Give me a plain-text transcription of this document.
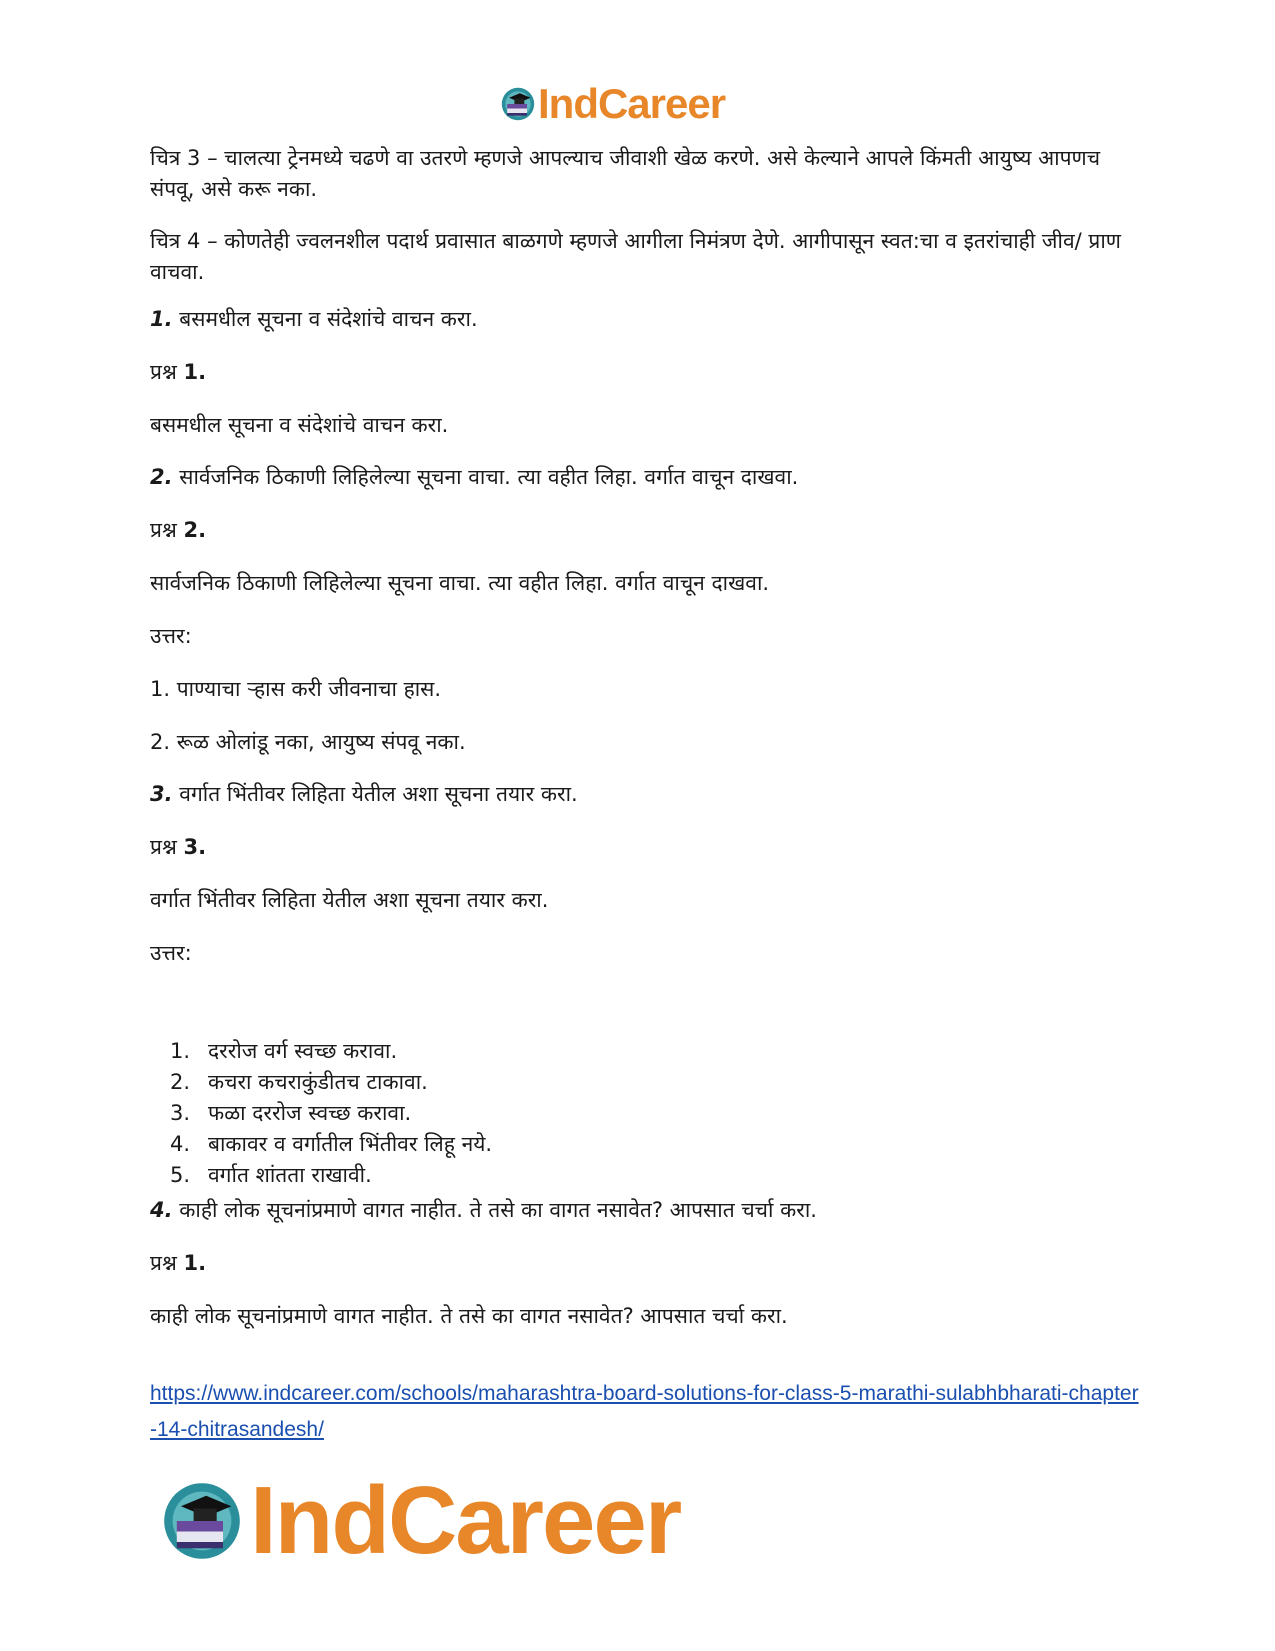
IndCareer

चित्र 3 – चालत्या ट्रेनमध्ये चढणे वा उतरणे म्हणजे आपल्याच जीवाशी खेळ करणे. असे केल्याने आपले किंमती आयुष्य आपणच संपवू, असे करू नका.

चित्र 4 – कोणतेही ज्वलनशील पदार्थ प्रवासात बाळगणे म्हणजे आगीला निमंत्रण देणे. आगीपासून स्वत:चा व इतरांचाही जीव/ प्राण वाचवा.

1. बसमधील सूचना व संदेशांचे वाचन करा.

प्रश्न 1.

बसमधील सूचना व संदेशांचे वाचन करा.

2. सार्वजनिक ठिकाणी लिहिलेल्या सूचना वाचा. त्या वहीत लिहा. वर्गात वाचून दाखवा.

प्रश्न 2.

सार्वजनिक ठिकाणी लिहिलेल्या सूचना वाचा. त्या वहीत लिहा. वर्गात वाचून दाखवा.

उत्तर:

1. पाण्याचा ऱ्हास करी जीवनाचा हास.

2. रूळ ओलांडू नका, आयुष्य संपवू नका.

3. वर्गात भिंतीवर लिहिता येतील अशा सूचना तयार करा.

प्रश्न 3.

वर्गात भिंतीवर लिहिता येतील अशा सूचना तयार करा.

उत्तर:

1. दररोज वर्ग स्वच्छ करावा.
2. कचरा कचराकुंडीतच टाकावा.
3. फळा दररोज स्वच्छ करावा.
4. बाकावर व वर्गातील भिंतीवर लिहू नये.
5. वर्गात शांतता राखावी.

4. काही लोक सूचनांप्रमाणे वागत नाहीत. ते तसे का वागत नसावेत? आपसात चर्चा करा.

प्रश्न 1.

काही लोक सूचनांप्रमाणे वागत नाहीत. ते तसे का वागत नसावेत? आपसात चर्चा करा.

https://www.indcareer.com/schools/maharashtra-board-solutions-for-class-5-marathi-sulabhbharati-chapter-14-chitrasandesh/
IndCareer
